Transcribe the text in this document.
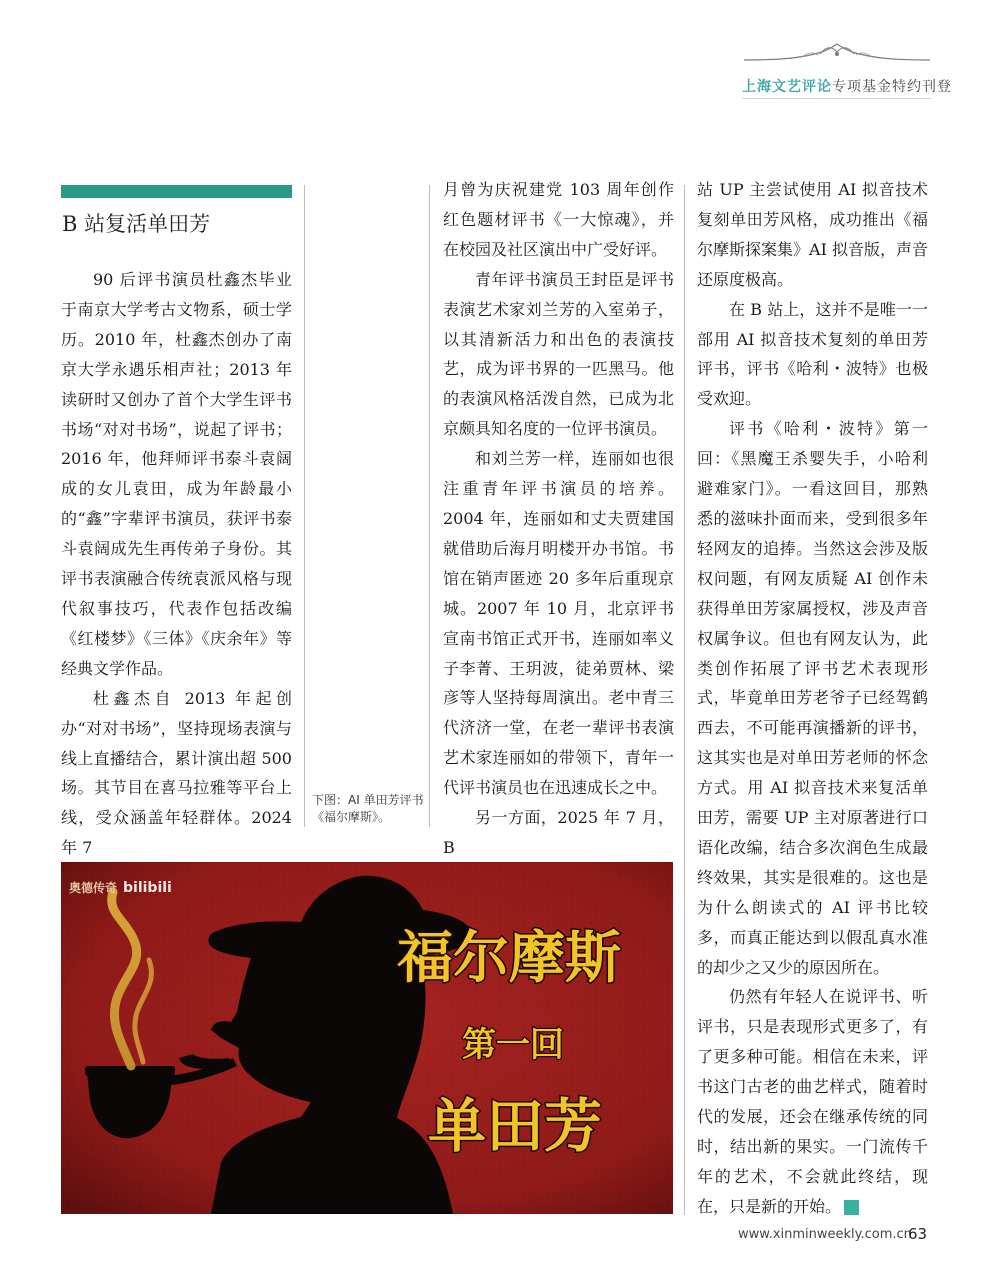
上海文艺评论专项基金特约刊登
B 站复活单田芳

90 后评书演员杜鑫杰毕业于南京大学考古文物系，硕士学历。2010 年，杜鑫杰创办了南京大学永遇乐相声社；2013 年读研时又创办了首个大学生评书书场“对对书场”，说起了评书；2016 年，他拜师评书泰斗袁阔成的女儿袁田，成为年龄最小的“鑫”字辈评书演员，获评书泰斗袁阔成先生再传弟子身份。其评书表演融合传统袁派风格与现代叙事技巧，代表作包括改编《红楼梦》《三体》《庆余年》等经典文学作品。

杜鑫杰自 2013 年起创办“对对书场”，坚持现场表演与线上直播结合，累计演出超 500 场。其节目在喜马拉雅等平台上线，受众涵盖年轻群体。2024 年 7

下图：AI 单田芳评书《福尔摩斯》。

月曾为庆祝建党 103 周年创作红色题材评书《一大惊魂》，并在校园及社区演出中广受好评。

青年评书演员王封臣是评书表演艺术家刘兰芳的入室弟子，以其清新活力和出色的表演技艺，成为评书界的一匹黑马。他的表演风格活泼自然，已成为北京颇具知名度的一位评书演员。

和刘兰芳一样，连丽如也很注重青年评书演员的培养。2004 年，连丽如和丈夫贾建国就借助后海月明楼开办书馆。书馆在销声匿迹 20 多年后重现京城。2007 年 10 月，北京评书宣南书馆正式开书，连丽如率义子李菁、王玥波，徒弟贾林、梁彦等人坚持每周演出。老中青三代济济一堂，在老一辈评书表演艺术家连丽如的带领下，青年一代评书演员也在迅速成长之中。

另一方面，2025 年 7 月，B

站 UP 主尝试使用 AI 拟音技术复刻单田芳风格，成功推出《福尔摩斯探案集》AI 拟音版，声音还原度极高。

在 B 站上，这并不是唯一一部用 AI 拟音技术复刻的单田芳评书，评书《哈利・波特》也极受欢迎。

评书《哈利・波特》第一回：《黑魔王杀婴失手，小哈利避难家门》。一看这回目，那熟悉的滋味扑面而来，受到很多年轻网友的追捧。当然这会涉及版权问题，有网友质疑 AI 创作未获得单田芳家属授权，涉及声音权属争议。但也有网友认为，此类创作拓展了评书艺术表现形式，毕竟单田芳老爷子已经驾鹤西去，不可能再演播新的评书，这其实也是对单田芳老师的怀念方式。用 AI 拟音技术来复活单田芳，需要 UP 主对原著进行口语化改编，结合多次润色生成最终效果，其实是很难的。这也是为什么朗读式的 AI 评书比较多，而真正能达到以假乱真水准的却少之又少的原因所在。

仍然有年轻人在说评书、听评书，只是表现形式更多了，有了更多种可能。相信在未来，评书这门古老的曲艺样式，随着时代的发展，还会在继承传统的同时，结出新的果实。一门流传千年的艺术，不会就此终结，现在，只是新的开始。	民

奥德传奇 bilibili
福尔摩斯
第一回
单田芳
www.xinminweekly.com.cn
63
